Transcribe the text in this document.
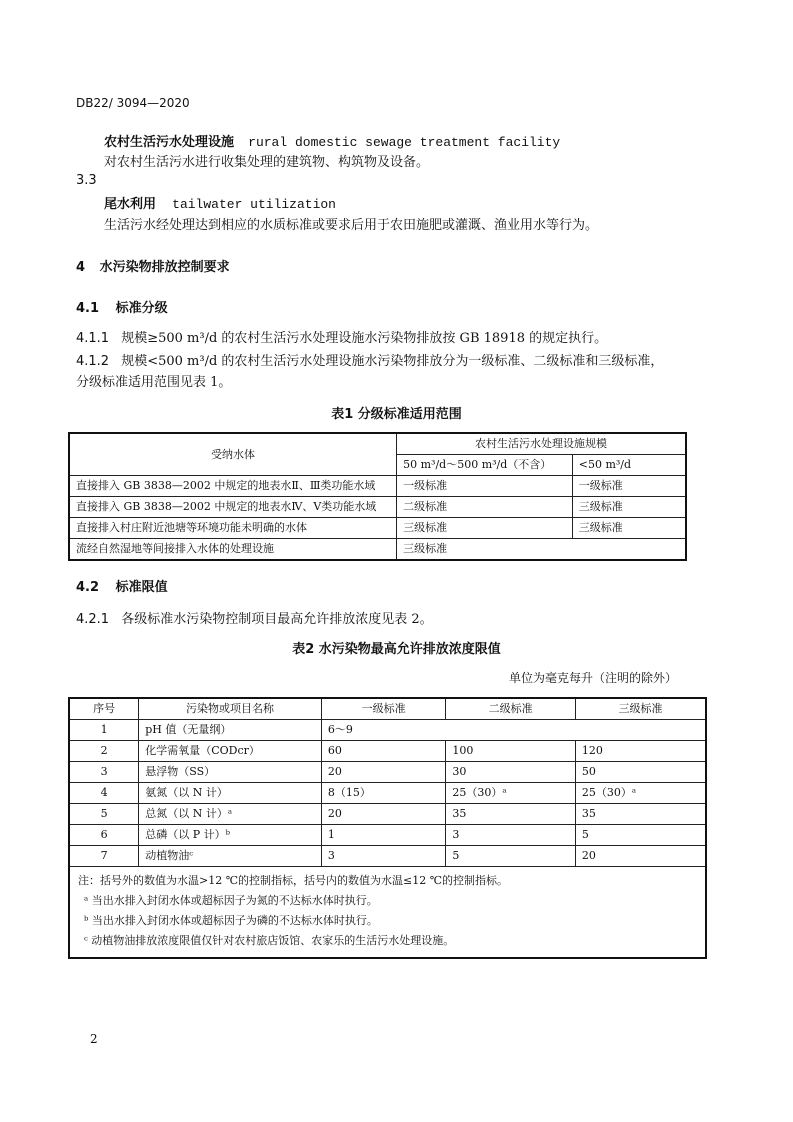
DB22/ 3094—2020
农村生活污水处理设施 rural domestic sewage treatment facility
对农村生活污水进行收集处理的建筑物、构筑物及设备。
3.3
尾水利用 tailwater utilization
生活污水经处理达到相应的水质标准或要求后用于农田施肥或灌溉、渔业用水等行为。
4 水污染物排放控制要求
4.1 标准分级
4.1.1 规模≥500 m³/d 的农村生活污水处理设施水污染物排放按 GB 18918 的规定执行。
4.1.2 规模<500 m³/d 的农村生活污水处理设施水污染物排放分为一级标准、二级标准和三级标准，
分级标准适用范围见表 1。
表1 分级标准适用范围
受纳水体	农村生活污水处理设施规模	
	50 m³/d～500 m³/d（不含）	<50 m³/d
直接排入 GB 3838—2002 中规定的地表水Ⅱ、Ⅲ类功能水域	一级标准	一级标准
直接排入 GB 3838—2002 中规定的地表水Ⅳ、Ⅴ类功能水域	二级标准	三级标准
直接排入村庄附近池塘等环境功能未明确的水体	三级标准	三级标准
流经自然湿地等间接排入水体的处理设施	三级标准	
4.2 标准限值
4.2.1 各级标准水污染物控制项目最高允许排放浓度见表 2。
表2 水污染物最高允许排放浓度限值
单位为毫克每升（注明的除外）
序号	污染物或项目名称	一级标准	二级标准	三级标准
1	pH 值（无量纲）	6～9		
2	化学需氧量（CODcr）	60	100	120
3	悬浮物（SS）	20	30	50
4	氨氮（以 N 计）	8（15）	25（30）ᵃ	25（30）ᵃ
5	总氮（以 N 计）ᵃ	20	35	35
6	总磷（以 P 计）ᵇ	1	3	5
7	动植物油ᶜ	3	5	20

注：括号外的数值为水温>12 ℃的控制指标，括号内的数值为水温≤12 ℃的控制指标。
ᵃ 当出水排入封闭水体或超标因子为氮的不达标水体时执行。
ᵇ 当出水排入封闭水体或超标因子为磷的不达标水体时执行。
ᶜ 动植物油排放浓度限值仅针对农村旅店饭馆、农家乐的生活污水处理设施。				
2
